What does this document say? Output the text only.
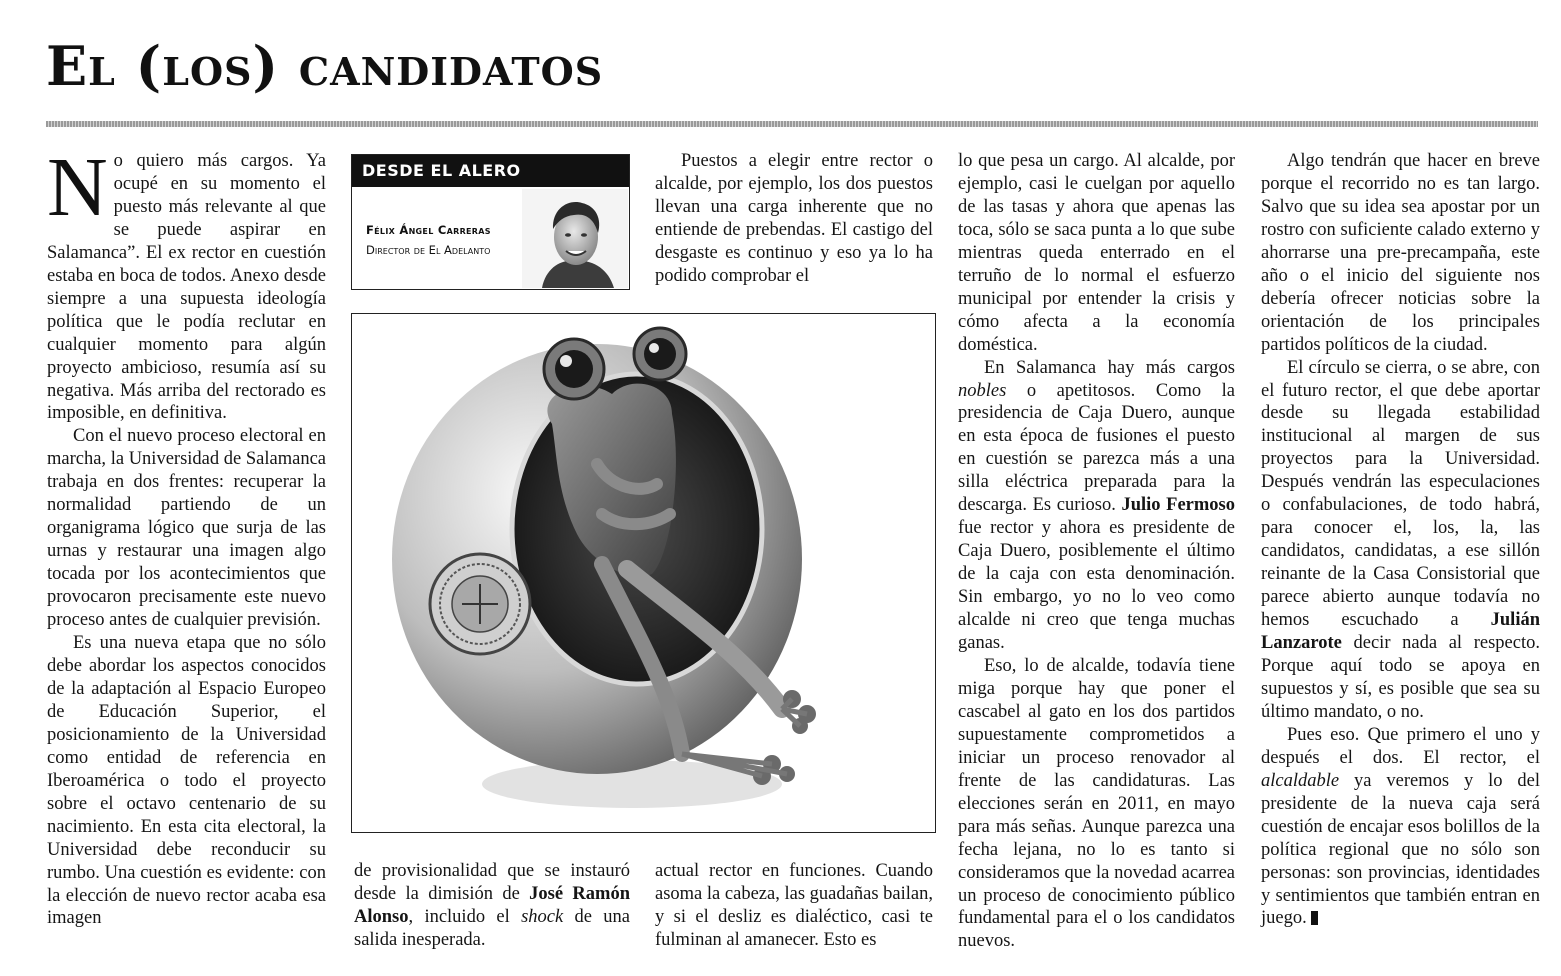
El (los) candidatos

No quiero más cargos. Ya ocupé en su momento el puesto más relevante al que se puede aspirar en Salamanca”. El ex rector en cuestión estaba en boca de todos. Anexo desde siempre a una supuesta ideología política que le podía reclutar en cualquier momento para algún proyecto ambicioso, resumía así su negativa. Más arriba del rectorado es imposible, en definitiva.

Con el nuevo proceso electoral en marcha, la Universidad de Salamanca trabaja en dos frentes: recuperar la normalidad partiendo de un organigrama lógico que surja de las urnas y restaurar una imagen algo tocada por los acontecimientos que provocaron precisamente este nuevo proceso antes de cualquier previsión.

Es una nueva etapa que no sólo debe abordar los aspectos conocidos de la adaptación al Espacio Europeo de Educación Superior, el posicionamiento de la Universidad como entidad de referencia en Iberoamérica o todo el proyecto sobre el octavo centenario de su nacimiento. En esta cita electoral, la Universidad debe reconducir su rumbo. Una cuestión es evidente: con la elección de nuevo rector acaba esa imagen

DESDE EL ALERO
Félix Ángel Carreras
Director de El Adelanto

de provisionalidad que se instauró desde la dimisión de José Ramón Alonso, incluido el shock de una salida inesperada.

Puestos a elegir entre rector o alcalde, por ejemplo, los dos puestos llevan una carga inherente que no entiende de prebendas. El castigo del desgaste es continuo y eso ya lo ha podido comprobar el

actual rector en funciones. Cuando asoma la cabeza, las guadañas bailan, y si el desliz es dialéctico, casi te fulminan al amanecer. Esto es

lo que pesa un cargo. Al alcalde, por ejemplo, casi le cuelgan por aquello de las tasas y ahora que apenas las toca, sólo se saca punta a lo que sube mientras queda enterrado en el terruño de lo normal el esfuerzo municipal por entender la crisis y cómo afecta a la economía doméstica.

En Salamanca hay más cargos nobles o apetitosos. Como la presidencia de Caja Duero, aunque en esta época de fusiones el puesto en cuestión se parezca más a una silla eléctrica preparada para la descarga. Es curioso. Julio Fermoso fue rector y ahora es presidente de Caja Duero, posiblemente el último de la caja con esta denominación. Sin embargo, yo no lo veo como alcalde ni creo que tenga muchas ganas.

Eso, lo de alcalde, todavía tiene miga porque hay que poner el cascabel al gato en los dos partidos supuestamente comprometidos a iniciar un proceso renovador al frente de las candidaturas. Las elecciones serán en 2011, en mayo para más señas. Aunque parezca una fecha lejana, no lo es tanto si consideramos que la novedad acarrea un proceso de conocimiento público fundamental para el o los candidatos nuevos.

Algo tendrán que hacer en breve porque el recorrido no es tan largo. Salvo que su idea sea apostar por un rostro con suficiente calado externo y ahorrarse una pre-precampaña, este año o el inicio del siguiente nos debería ofrecer noticias sobre la orientación de los principales partidos políticos de la ciudad.

El círculo se cierra, o se abre, con el futuro rector, el que debe aportar desde su llegada estabilidad institucional al margen de sus proyectos para la Universidad. Después vendrán las especulaciones o confabulaciones, de todo habrá, para conocer el, los, la, las candidatos, candidatas, a ese sillón reinante de la Casa Consistorial que parece abierto aunque todavía no hemos escuchado a Julián Lanzarote decir nada al respecto. Porque aquí todo se apoya en supuestos y sí, es posible que sea su último mandato, o no.

Pues eso. Que primero el uno y después el dos. El rector, el alcaldable ya veremos y lo del presidente de la nueva caja será cuestión de encajar esos bolillos de la política regional que no sólo son personas: son provincias, identidades y sentimientos que también entran en juego.
